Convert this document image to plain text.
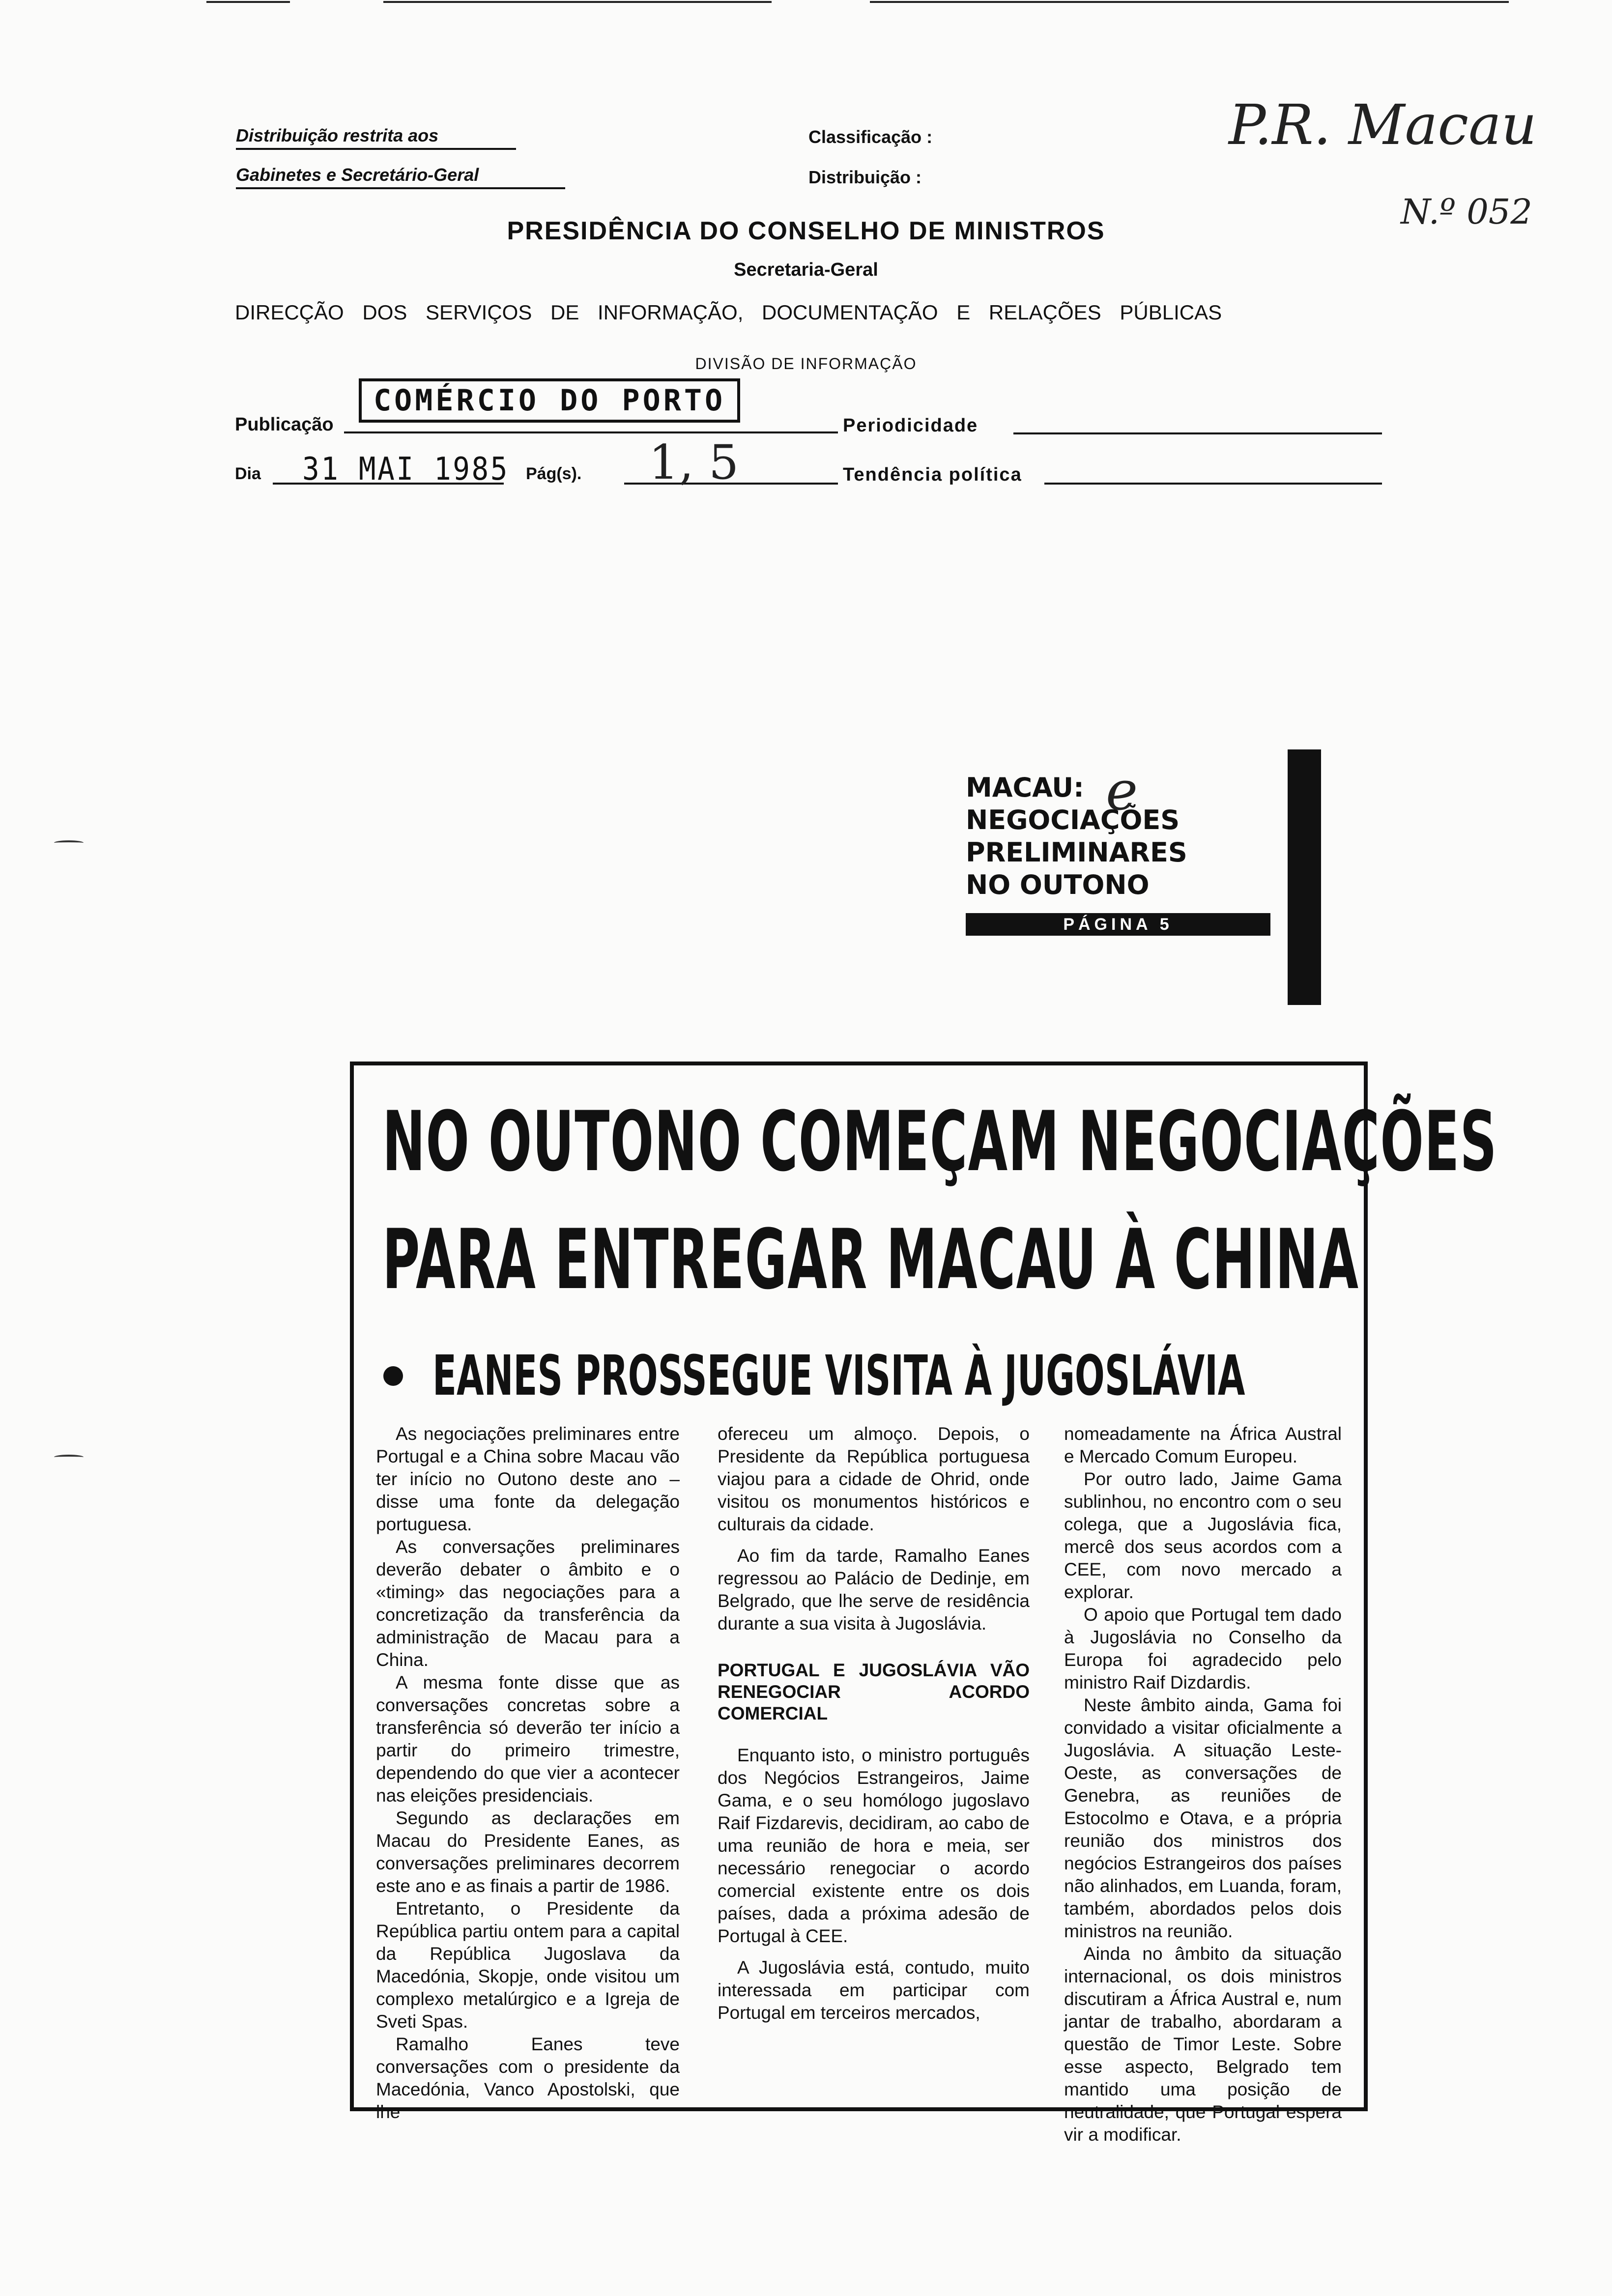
Distribuição restrita aos
Gabinetes e Secretário-Geral
Classificação :
Distribuição :
P.R. Macau
N.º 052
PRESIDÊNCIA DO CONSELHO DE MINISTROS
Secretaria-Geral
DIRECÇÃO DOS SERVIÇOS DE INFORMAÇÃO, DOCUMENTAÇÃO E RELAÇÕES PÚBLICAS
DIVISÃO DE INFORMAÇÃO
Publicação
COMÉRCIO DO PORTO
Periodicidade
Dia 31 MAI 1985 Pág(s). 1, 5	Tendência política
MACAU:
NEGOCIAÇÕES
PRELIMINARES
NO OUTONO
PÁGINA 5
e
NO OUTONO COMEÇAM NEGOCIAÇÕES
PARA ENTREGAR MACAU À CHINA
EANES PROSSEGUE VISITA À JUGOSLÁVIA

As negociações preliminares entre Portugal e a China sobre Macau vão ter início no Outono deste ano – disse uma fonte da delegação portuguesa.

As conversações preliminares deverão debater o âmbito e o «timing» das negociações para a concretização da transferência da administração de Macau para a China.

A mesma fonte disse que as conversações concretas sobre a transferência só deverão ter início a partir do primeiro trimestre, dependendo do que vier a acontecer nas eleições presidenciais.

Segundo as declarações em Macau do Presidente Eanes, as conversações preliminares decorrem este ano e as finais a partir de 1986.

Entretanto, o Presidente da República partiu ontem para a capital da República Jugoslava da Macedónia, Skopje, onde visitou um complexo metalúrgico e a Igreja de Sveti Spas.

Ramalho Eanes teve conversações com o presidente da Macedónia, Vanco Apostolski, que lhe

ofereceu um almoço. Depois, o Presidente da República portuguesa viajou para a cidade de Ohrid, onde visitou os monumentos históricos e culturais da cidade.

Ao fim da tarde, Ramalho Eanes regressou ao Palácio de Dedinje, em Belgrado, que lhe serve de residência durante a sua visita à Jugoslávia.

PORTUGAL E JUGOSLÁVIA VÃO RENEGOCIAR ACORDO COMERCIAL

Enquanto isto, o ministro português dos Negócios Estrangeiros, Jaime Gama, e o seu homólogo jugoslavo Raif Fizdarevis, decidiram, ao cabo de uma reunião de hora e meia, ser necessário renegociar o acordo comercial existente entre os dois países, dada a próxima adesão de Portugal à CEE.

A Jugoslávia está, contudo, muito interessada em participar com Portugal em terceiros mercados,

nomeadamente na África Austral e Mercado Comum Europeu.

Por outro lado, Jaime Gama sublinhou, no encontro com o seu colega, que a Jugoslávia fica, mercê dos seus acordos com a CEE, com novo mercado a explorar.

O apoio que Portugal tem dado à Jugoslávia no Conselho da Europa foi agradecido pelo ministro Raif Dizdardis.

Neste âmbito ainda, Gama foi convidado a visitar oficialmente a Jugoslávia. A situação Leste-Oeste, as conversações de Genebra, as reuniões de Estocolmo e Otava, e a própria reunião dos ministros dos negócios Estrangeiros dos países não alinhados, em Luanda, foram, também, abordados pelos dois ministros na reunião.

Ainda no âmbito da situação internacional, os dois ministros discutiram a África Austral e, num jantar de trabalho, abordaram a questão de Timor Leste. Sobre esse aspecto, Belgrado tem mantido uma posição de neutralidade, que Portugal espera vir a modificar.
